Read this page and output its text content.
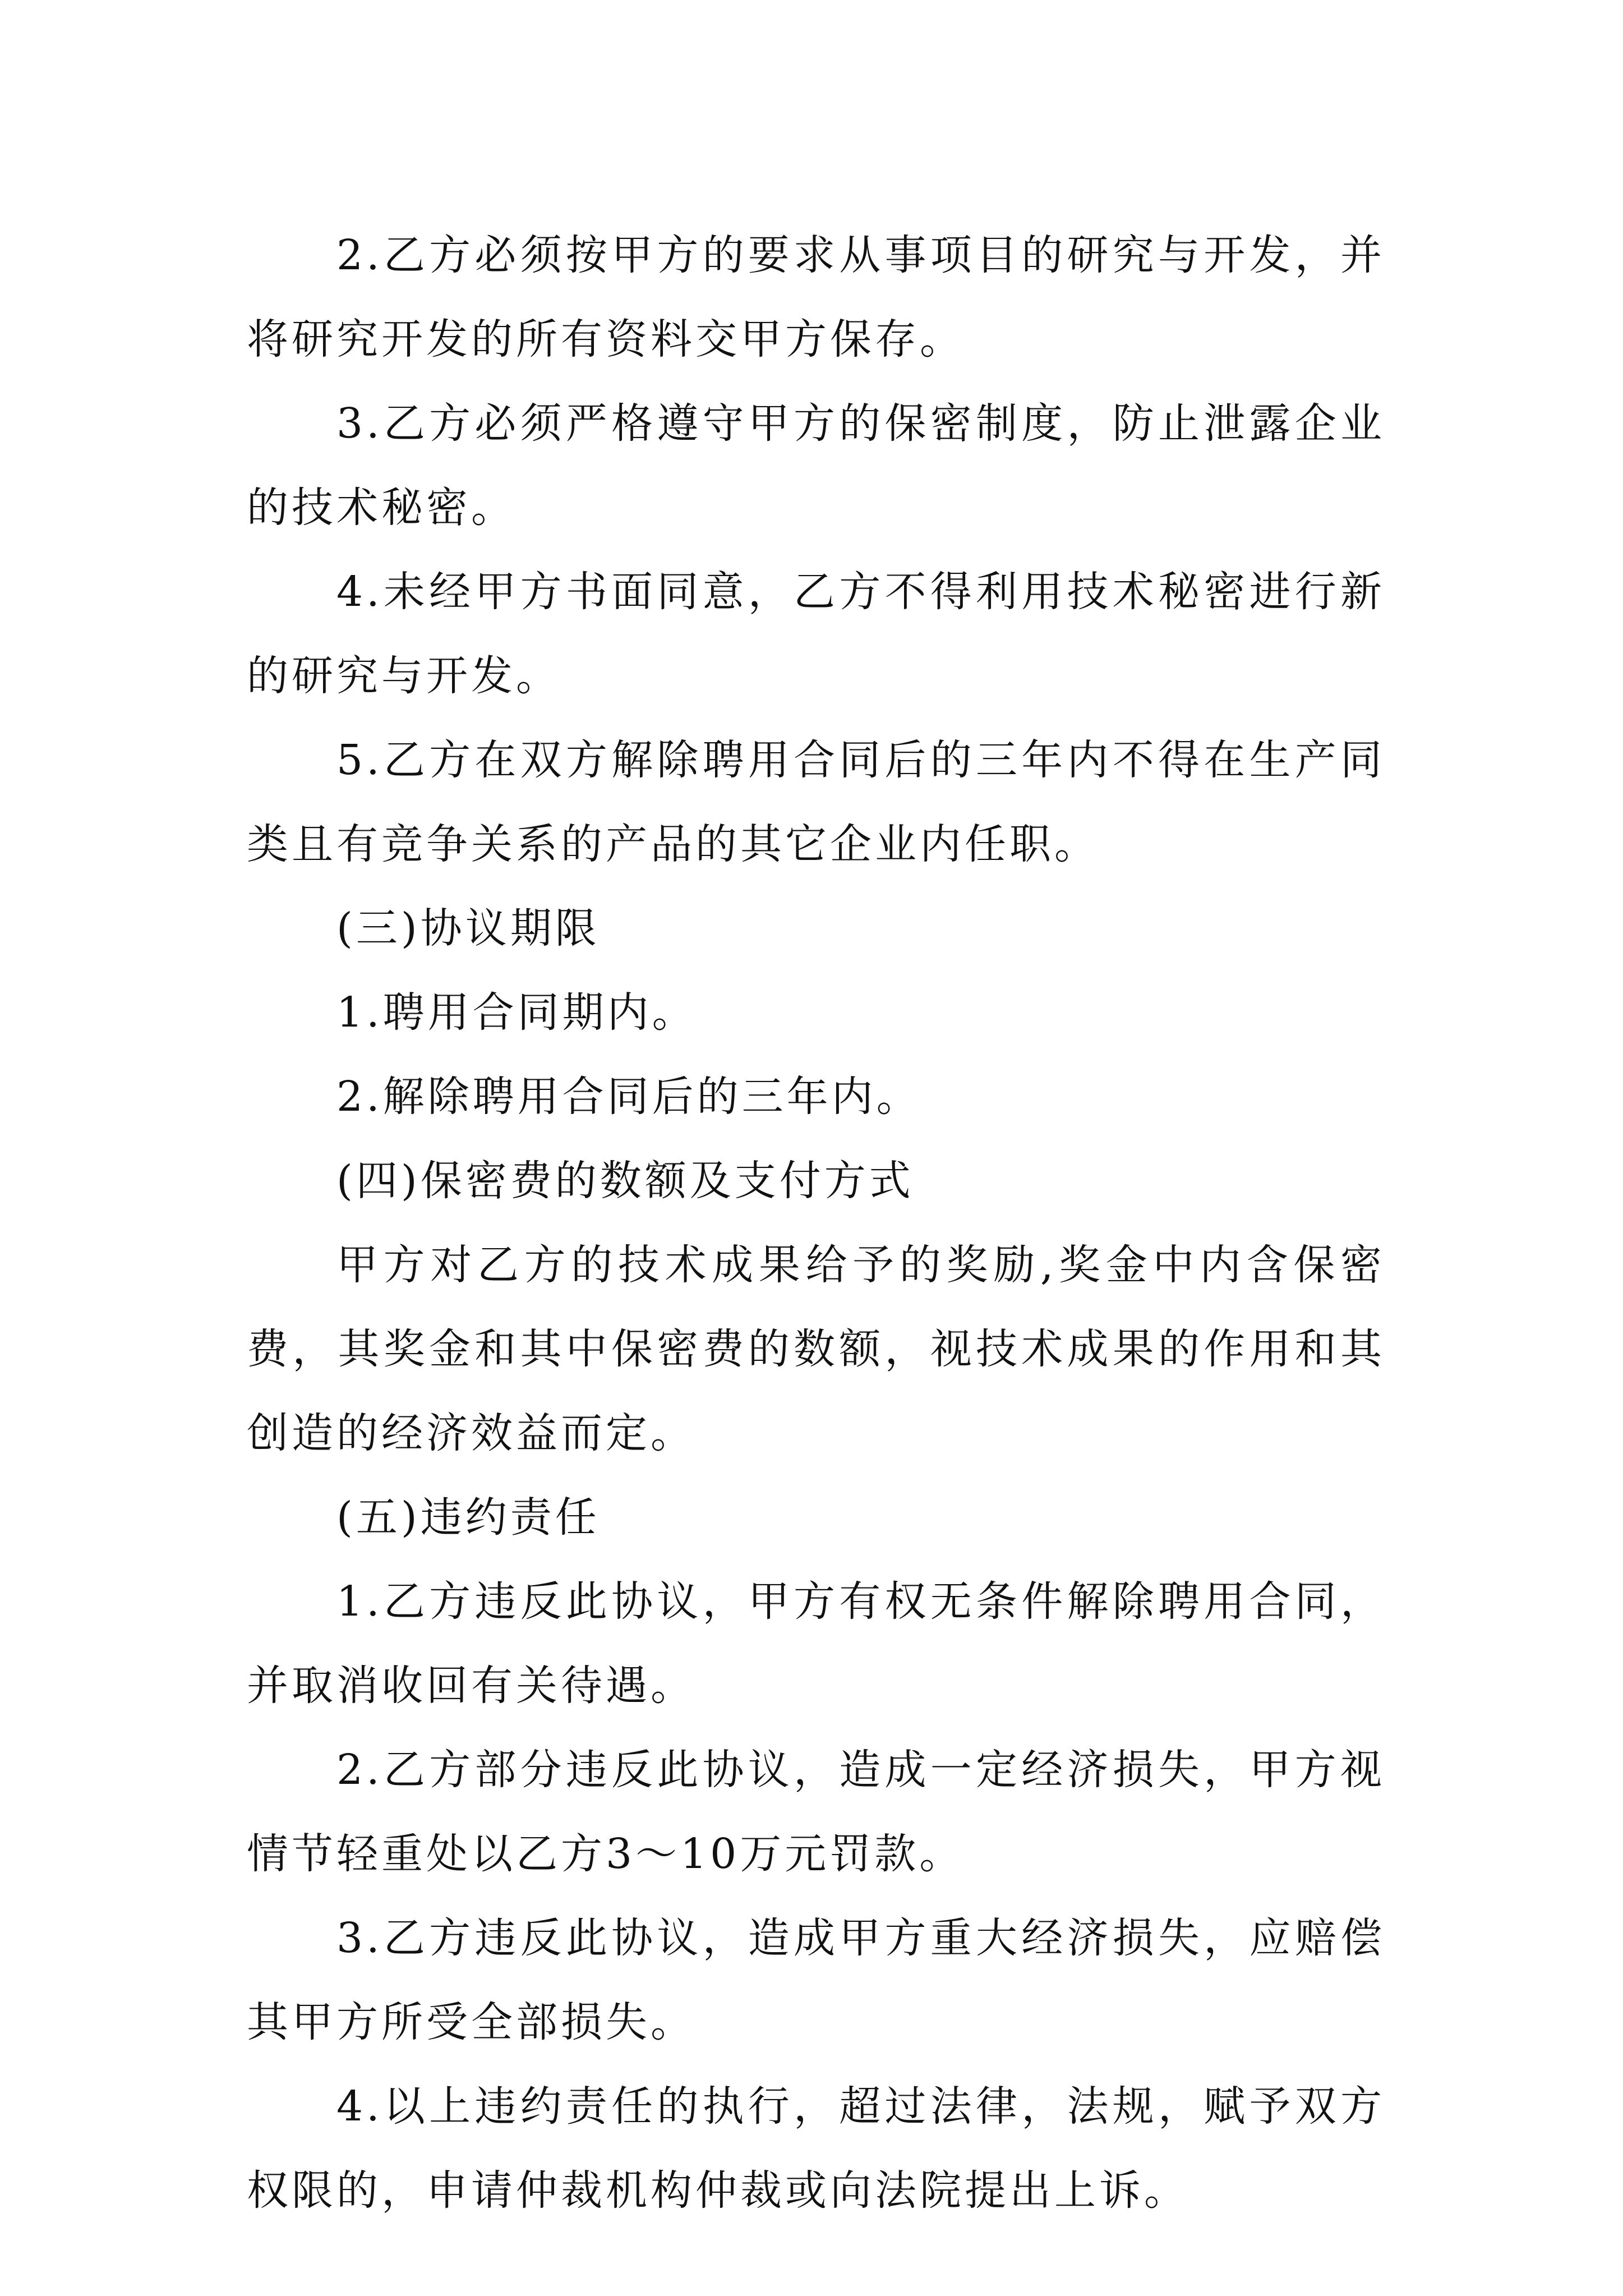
2.乙方必须按甲方的要求从事项目的研究与开发，并将研究开发的所有资料交甲方保存。

3.乙方必须严格遵守甲方的保密制度，防止泄露企业的技术秘密。

4.未经甲方书面同意，乙方不得利用技术秘密进行新的研究与开发。

5.乙方在双方解除聘用合同后的三年内不得在生产同类且有竞争关系的产品的其它企业内任职。

(三)协议期限

1.聘用合同期内。

2.解除聘用合同后的三年内。

(四)保密费的数额及支付方式

甲方对乙方的技术成果给予的奖励,奖金中内含保密费，其奖金和其中保密费的数额，视技术成果的作用和其创造的经济效益而定。

(五)违约责任

1.乙方违反此协议，甲方有权无条件解除聘用合同，并取消收回有关待遇。

2.乙方部分违反此协议，造成一定经济损失，甲方视情节轻重处以乙方3～10万元罚款。

3.乙方违反此协议，造成甲方重大经济损失，应赔偿其甲方所受全部损失。

4.以上违约责任的执行，超过法律，法规，赋予双方权限的，申请仲裁机构仲裁或向法院提出上诉。
